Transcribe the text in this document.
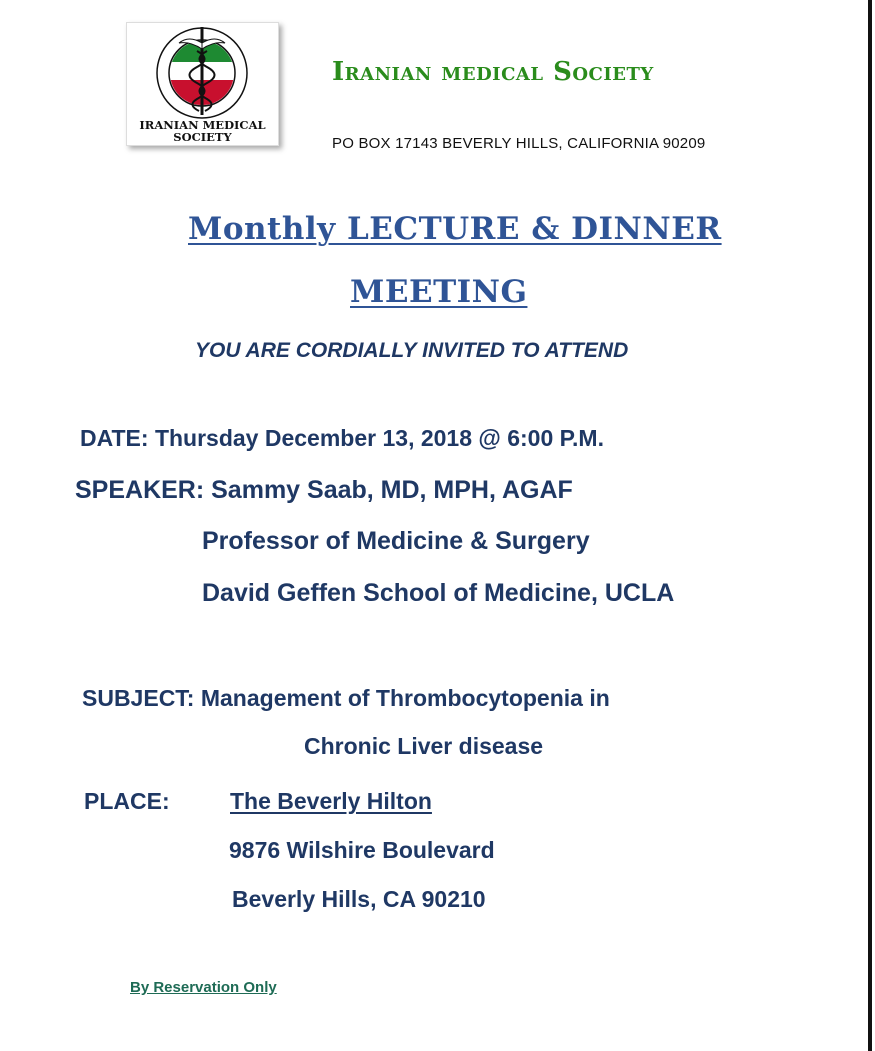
IRANIAN MEDICAL
SOCIETY
Iranian medical Society
PO BOX 17143 BEVERLY HILLS, CALIFORNIA 90209
Monthly LECTURE & DINNER
MEETING
YOU ARE CORDIALLY INVITED TO ATTEND
DATE: Thursday December 13, 2018 @ 6:00 P.M.
SPEAKER: Sammy Saab, MD, MPH, AGAF
Professor of Medicine & Surgery
David Geffen School of Medicine, UCLA
SUBJECT: Management of Thrombocytopenia in
Chronic Liver disease
PLACE:	The Beverly Hilton
9876 Wilshire Boulevard
Beverly Hills, CA 90210
By Reservation Only
